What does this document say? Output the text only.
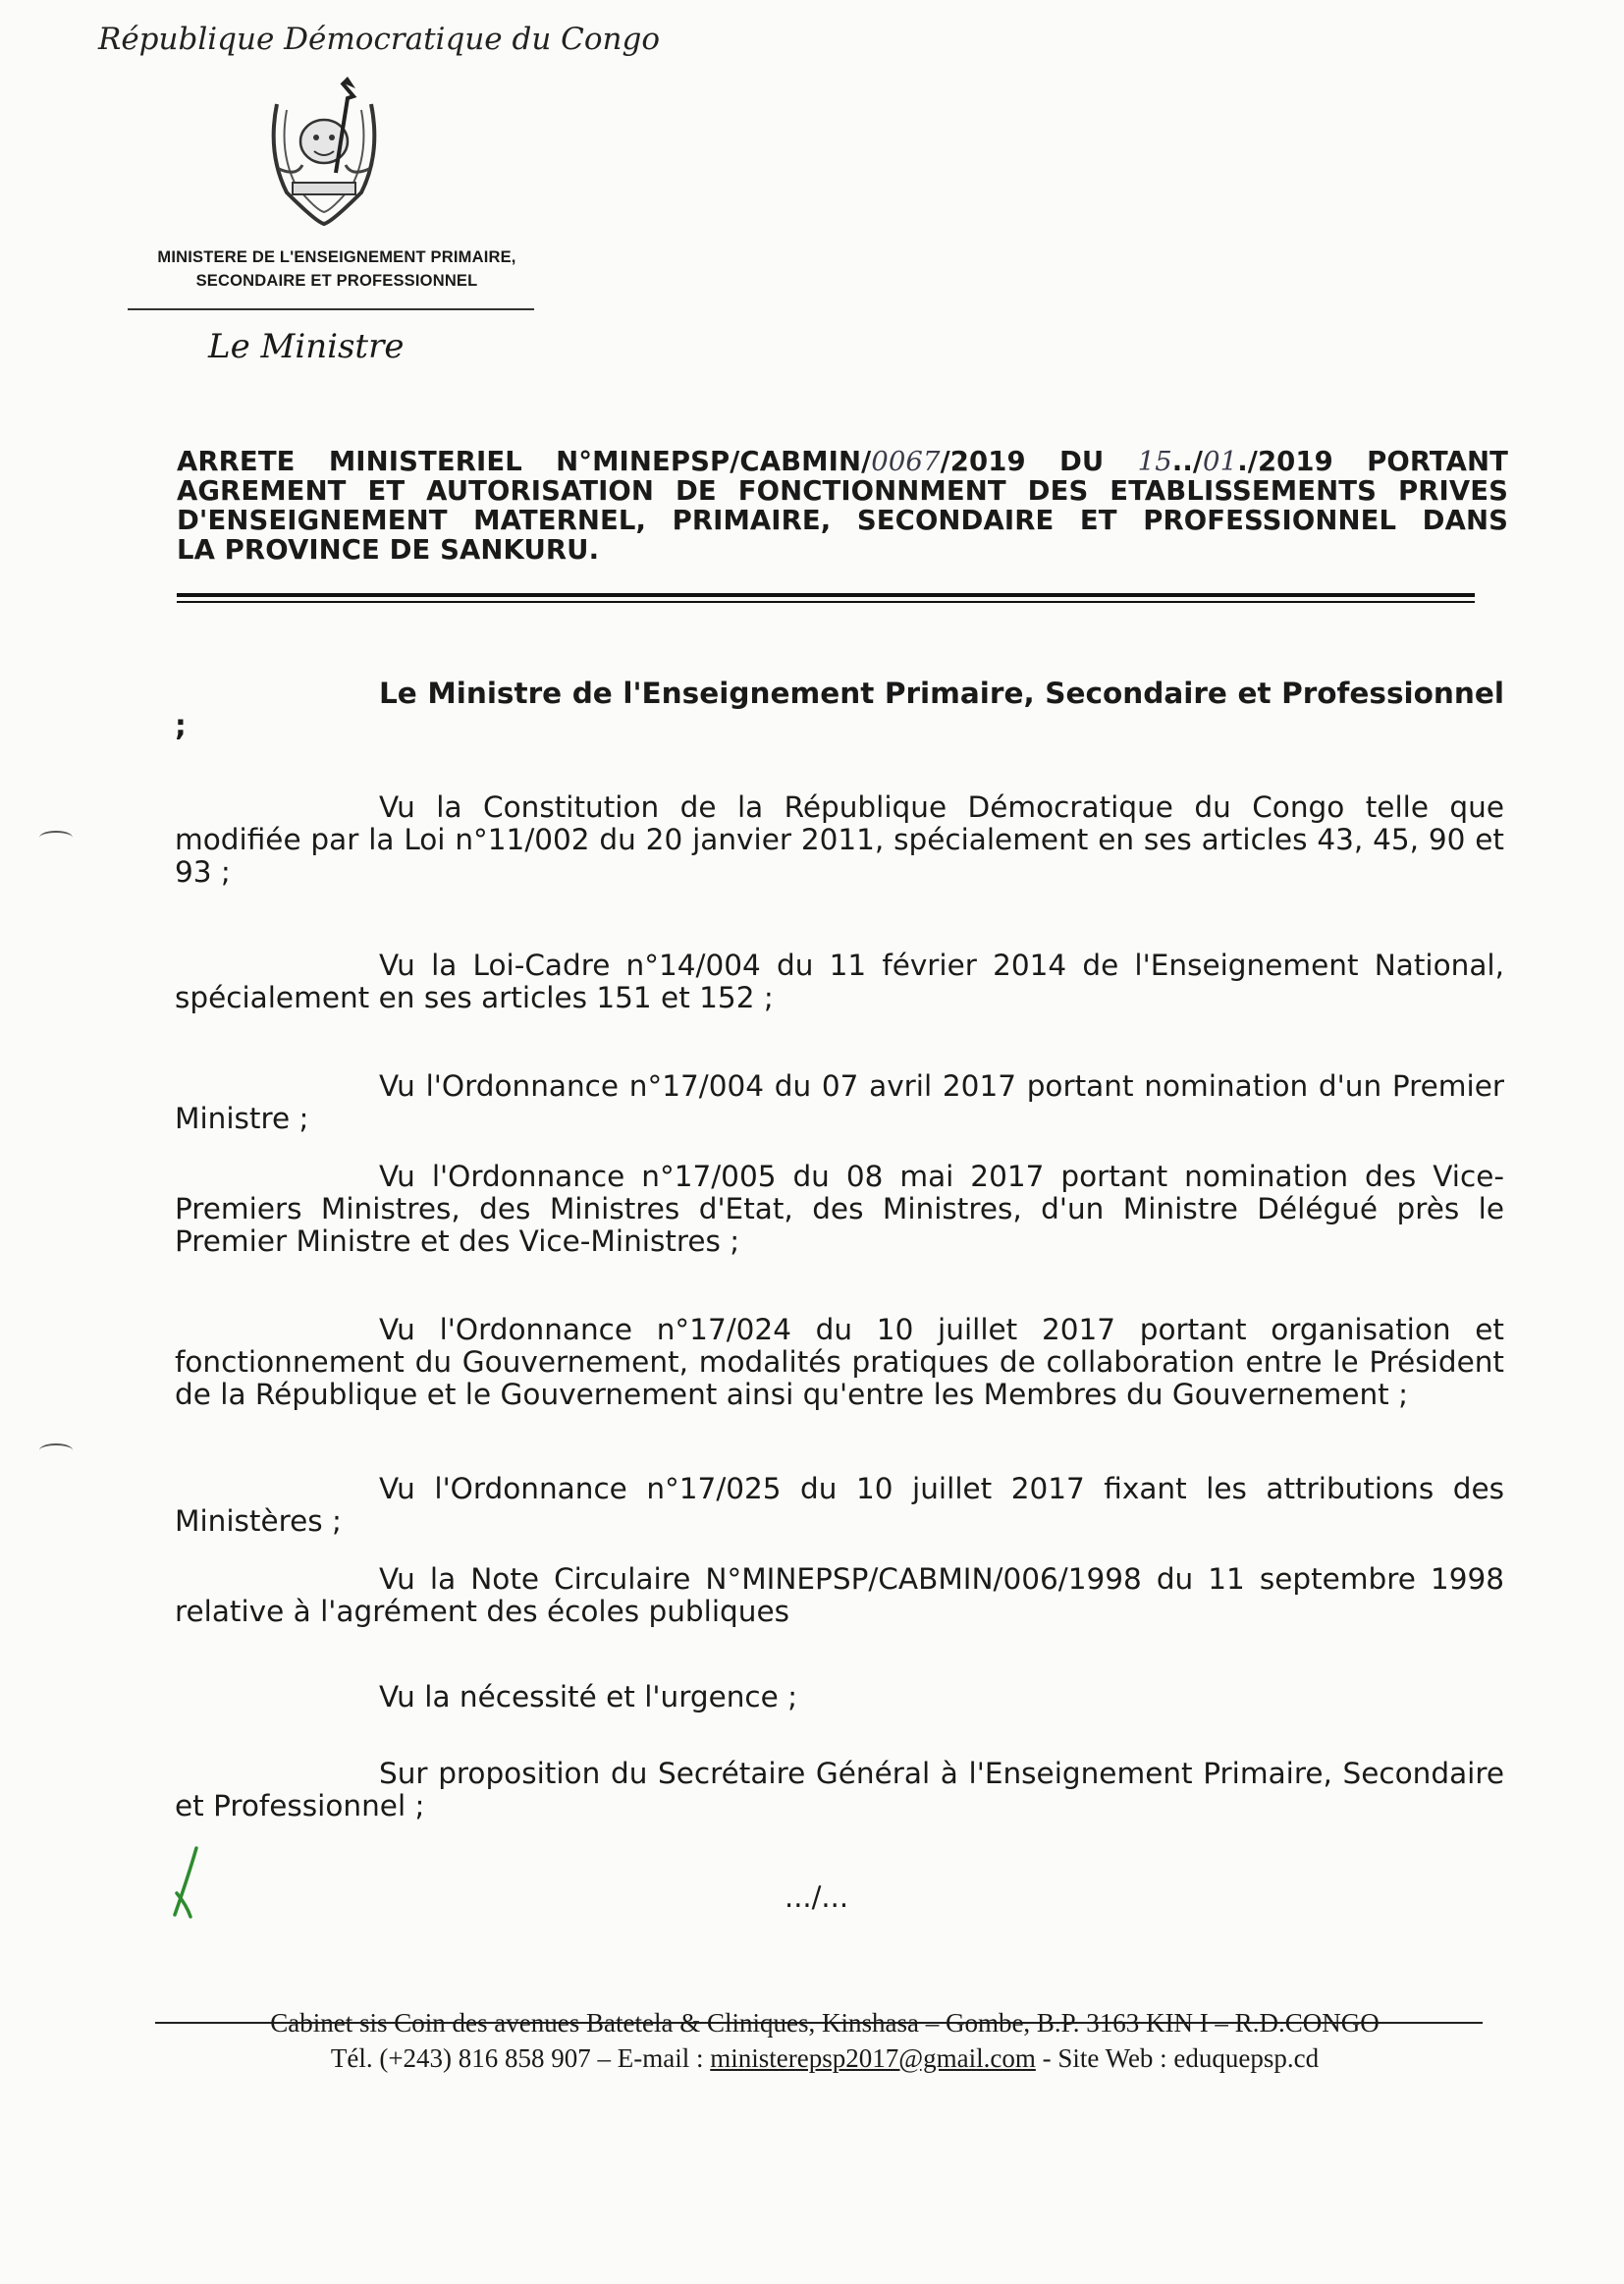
République Démocratique du Congo
MINISTERE DE L'ENSEIGNEMENT PRIMAIRE,
SECONDAIRE ET PROFESSIONNEL
Le Ministre
ARRETE MINISTERIEL N°MINEPSP/CABMIN/0067/2019 DU 15../01./2019 PORTANT
AGREMENT ET AUTORISATION DE FONCTIONNMENT DES ETABLISSEMENTS PRIVES
D'ENSEIGNEMENT MATERNEL, PRIMAIRE, SECONDAIRE ET PROFESSIONNEL DANS
LA PROVINCE DE SANKURU.
Le Ministre de l'Enseignement Primaire, Secondaire et Professionnel ;
Vu la Constitution de la République Démocratique du Congo telle que modifiée par la Loi n°11/002 du 20 janvier 2011, spécialement en ses articles 43, 45, 90 et 93 ;
Vu la Loi-Cadre n°14/004 du 11 février 2014 de l'Enseignement National, spécialement en ses articles 151 et 152 ;
Vu l'Ordonnance n°17/004 du 07 avril 2017 portant nomination d'un Premier Ministre ;
Vu l'Ordonnance n°17/005 du 08 mai 2017 portant nomination des Vice-Premiers Ministres, des Ministres d'Etat, des Ministres, d'un Ministre Délégué près le Premier Ministre et des Vice-Ministres ;
Vu l'Ordonnance n°17/024 du 10 juillet 2017 portant organisation et fonctionnement du Gouvernement, modalités pratiques de collaboration entre le Président de la République et le Gouvernement ainsi qu'entre les Membres du Gouvernement ;
Vu l'Ordonnance n°17/025 du 10 juillet 2017 fixant les attributions des Ministères ;
Vu la Note Circulaire N°MINEPSP/CABMIN/006/1998 du 11 septembre 1998 relative à l'agrément des écoles publiques
Vu la nécessité et l'urgence ;
Sur proposition du Secrétaire Général à l'Enseignement Primaire, Secondaire et Professionnel ;
.../...
Cabinet sis Coin des avenues Batetela & Cliniques, Kinshasa – Gombe, B.P. 3163 KIN I – R.D.CONGO
Tél. (+243) 816 858 907 – E-mail : ministerepsp2017@gmail.com - Site Web : eduquepsp.cd
